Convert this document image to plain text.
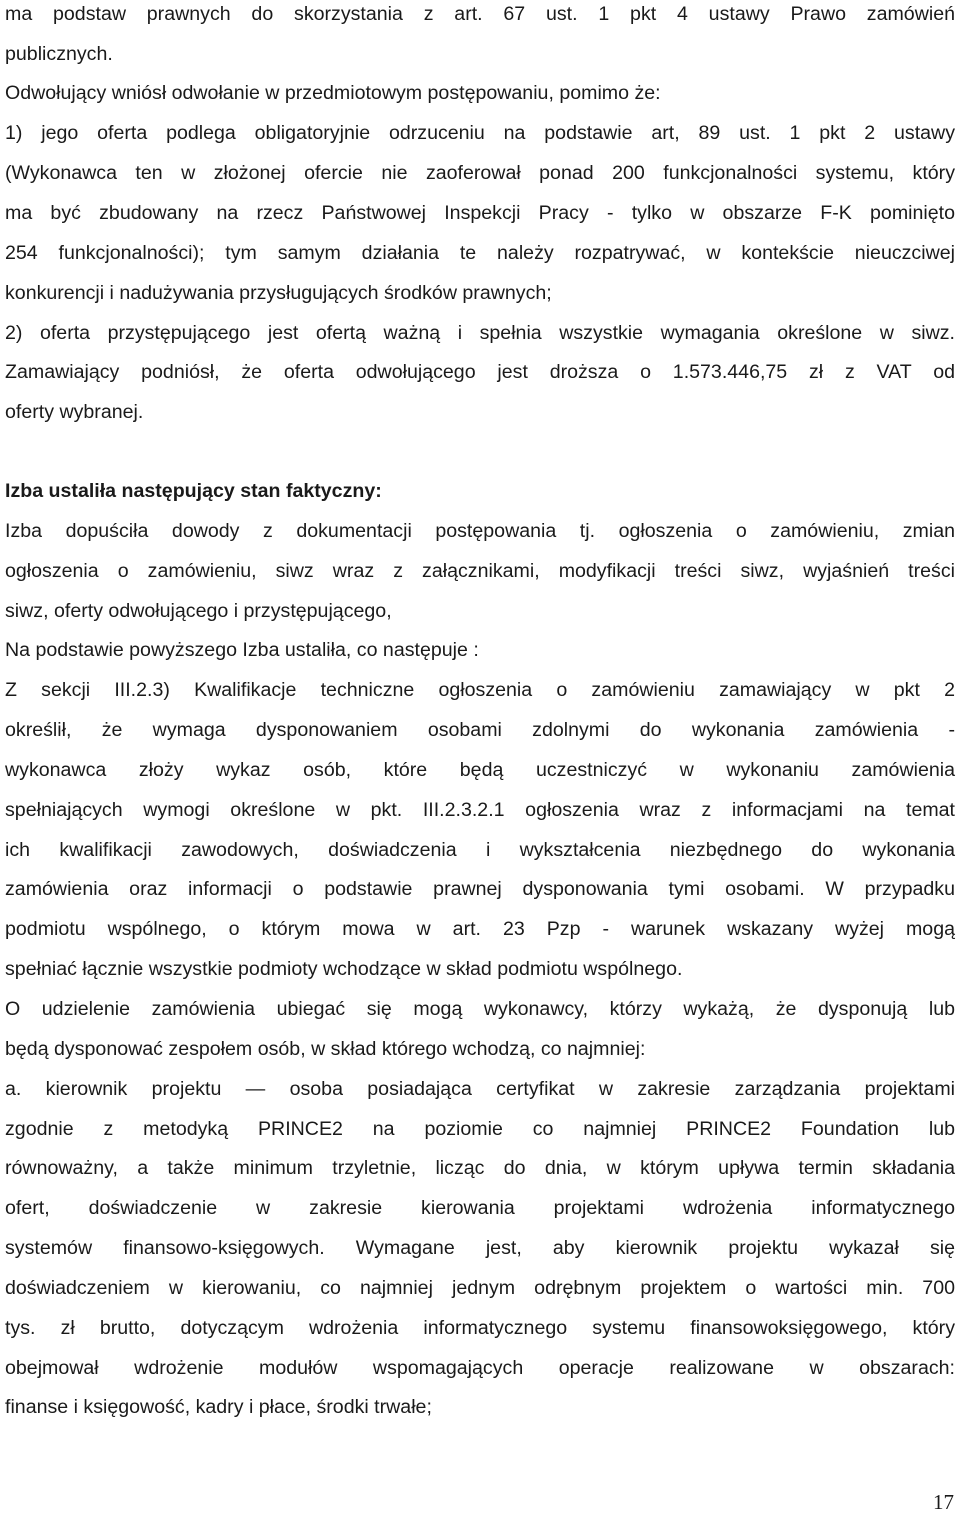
ma podstaw prawnych do skorzystania z art. 67 ust. 1 pkt 4 ustawy Prawo zamówień
publicznych.
Odwołujący wniósł odwołanie w przedmiotowym postępowaniu, pomimo że:
1) jego oferta podlega obligatoryjnie odrzuceniu na podstawie art, 89 ust. 1 pkt 2 ustawy
(Wykonawca ten w złożonej ofercie nie zaoferował ponad 200 funkcjonalności systemu, który
ma być zbudowany na rzecz Państwowej Inspekcji Pracy - tylko w obszarze F-K pominięto
254 funkcjonalności); tym samym działania te należy rozpatrywać, w kontekście nieuczciwej
konkurencji i nadużywania przysługujących środków prawnych;
2) oferta przystępującego jest ofertą ważną i spełnia wszystkie wymagania określone w siwz.
Zamawiający podniósł, że oferta odwołującego jest droższa o 1.573.446,75 zł z VAT od
oferty wybranej.
Izba ustaliła następujący stan faktyczny:
Izba dopuściła dowody z dokumentacji postępowania tj. ogłoszenia o zamówieniu, zmian
ogłoszenia o zamówieniu, siwz wraz z załącznikami, modyfikacji treści siwz, wyjaśnień treści
siwz, oferty odwołującego i przystępującego,
Na podstawie powyższego Izba ustaliła, co następuje :
Z sekcji III.2.3) Kwalifikacje techniczne ogłoszenia o zamówieniu zamawiający w pkt 2
określił, że wymaga dysponowaniem osobami zdolnymi do wykonania zamówienia -
wykonawca złoży wykaz osób, które będą uczestniczyć w wykonaniu zamówienia
spełniających wymogi określone w pkt. III.2.3.2.1 ogłoszenia wraz z informacjami na temat
ich kwalifikacji zawodowych, doświadczenia i wykształcenia niezbędnego do wykonania
zamówienia oraz informacji o podstawie prawnej dysponowania tymi osobami. W przypadku
podmiotu wspólnego, o którym mowa w art. 23 Pzp - warunek wskazany wyżej mogą
spełniać łącznie wszystkie podmioty wchodzące w skład podmiotu wspólnego.
O udzielenie zamówienia ubiegać się mogą wykonawcy, którzy wykażą, że dysponują lub
będą dysponować zespołem osób, w skład którego wchodzą, co najmniej:
a. kierownik projektu — osoba posiadająca certyfikat w zakresie zarządzania projektami
zgodnie z metodyką PRINCE2 na poziomie co najmniej PRINCE2 Foundation lub
równoważny, a także minimum trzyletnie, licząc do dnia, w którym upływa termin składania
ofert, doświadczenie w zakresie kierowania projektami wdrożenia informatycznego
systemów finansowo-księgowych. Wymagane jest, aby kierownik projektu wykazał się
doświadczeniem w kierowaniu, co najmniej jednym odrębnym projektem o wartości min. 700
tys. zł brutto, dotyczącym wdrożenia informatycznego systemu finansowoksięgowego, który
obejmował wdrożenie modułów wspomagających operacje realizowane w obszarach:
finanse i księgowość, kadry i płace, środki trwałe;
17
